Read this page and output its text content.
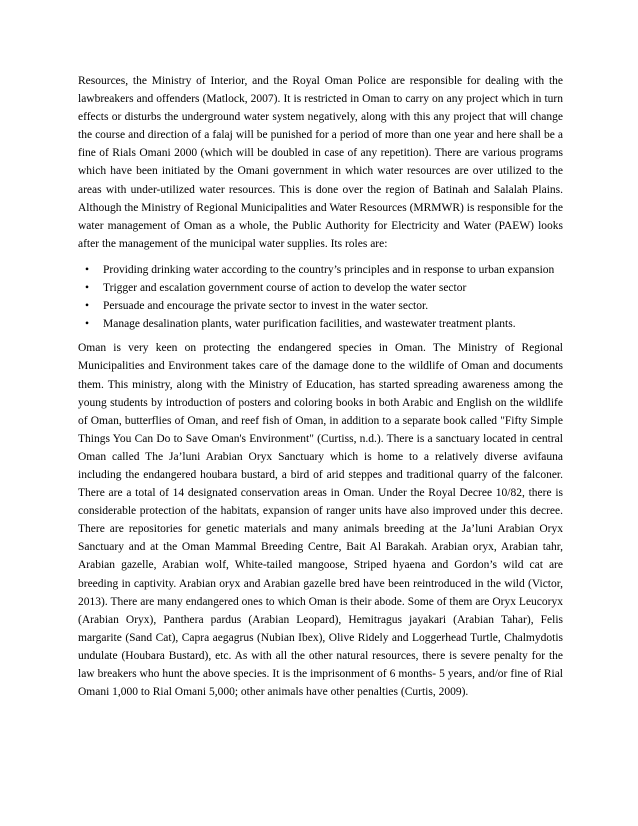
Resources, the Ministry of Interior, and the Royal Oman Police are responsible for dealing with the lawbreakers and offenders (Matlock, 2007). It is restricted in Oman to carry on any project which in turn effects or disturbs the underground water system negatively, along with this any project that will change the course and direction of a falaj will be punished for a period of more than one year and here shall be a fine of Rials Omani 2000 (which will be doubled in case of any repetition). There are various programs which have been initiated by the Omani government in which water resources are over utilized to the areas with under-utilized water resources. This is done over the region of Batinah and Salalah Plains. Although the Ministry of Regional Municipalities and Water Resources (MRMWR) is responsible for the water management of Oman as a whole, the Public Authority for Electricity and Water (PAEW) looks after the management of the municipal water supplies. Its roles are:

• Providing drinking water according to the country’s principles and in response to urban expansion
• Trigger and escalation government course of action to develop the water sector
• Persuade and encourage the private sector to invest in the water sector.
• Manage desalination plants, water purification facilities, and wastewater treatment plants.

Oman is very keen on protecting the endangered species in Oman. The Ministry of Regional Municipalities and Environment takes care of the damage done to the wildlife of Oman and documents them. This ministry, along with the Ministry of Education, has started spreading awareness among the young students by introduction of posters and coloring books in both Arabic and English on the wildlife of Oman, butterflies of Oman, and reef fish of Oman, in addition to a separate book called "Fifty Simple Things You Can Do to Save Oman's Environment" (Curtiss, n.d.). There is a sanctuary located in central Oman called The Ja’luni Arabian Oryx Sanctuary which is home to a relatively diverse avifauna including the endangered houbara bustard, a bird of arid steppes and traditional quarry of the falconer. There are a total of 14 designated conservation areas in Oman. Under the Royal Decree 10/82, there is considerable protection of the habitats, expansion of ranger units have also improved under this decree. There are repositories for genetic materials and many animals breeding at the Ja’luni Arabian Oryx Sanctuary and at the Oman Mammal Breeding Centre, Bait Al Barakah. Arabian oryx, Arabian tahr, Arabian gazelle, Arabian wolf, White-tailed mangoose, Striped hyaena and Gordon’s wild cat are breeding in captivity. Arabian oryx and Arabian gazelle bred have been reintroduced in the wild (Victor, 2013). There are many endangered ones to which Oman is their abode. Some of them are Oryx Leucoryx (Arabian Oryx), Panthera pardus (Arabian Leopard), Hemitragus jayakari (Arabian Tahar), Felis margarite (Sand Cat), Capra aegagrus (Nubian Ibex), Olive Ridely and Loggerhead Turtle, Chalmydotis undulate (Houbara Bustard), etc. As with all the other natural resources, there is severe penalty for the law breakers who hunt the above species. It is the imprisonment of 6 months- 5 years, and/or fine of Rial Omani 1,000 to Rial Omani 5,000; other animals have other penalties (Curtis, 2009).
